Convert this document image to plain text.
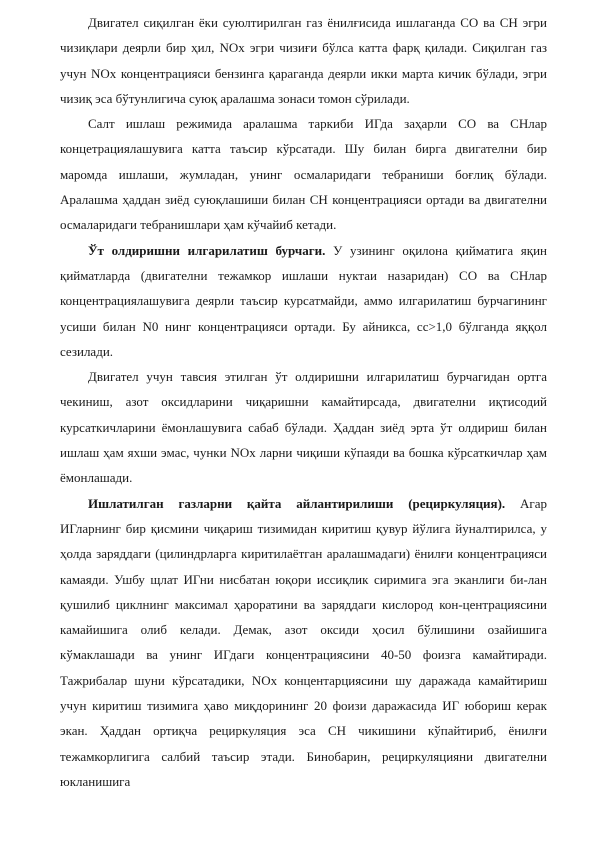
Двигател сиқилган ёки суюлтирилган газ ёнилғисида ишлаганда СО ва СН эгри чизиқлари деярли бир ҳил, NOx эгри чизиғи бўлса катта фарқ қилади. Сиқилган газ учун NOx концентрацияси бензинга қараганда деярли икки марта кичик бўлади, эгри чизиқ эса бўтунлигича суюқ аралашма зонаси томон сўрилади.

Салт ишлаш режимида аралашма таркиби ИГда заҳарли СО ва СНлар концетрациялашувига катта таъсир кўрсатади. Шу билан бирга двигателни бир маромда ишлаши, жумладан, унинг осмаларидаги тебраниши боғлиқ бўлади. Аралашма ҳаддан зиёд суюқлашиши билан СН концентрацияси ортади ва двигателни осмаларидаги тебранишлари ҳам кўчайиб кетади.

Ўт олдиришни илгарилатиш бурчаги. У узининг оқилона қийматига яқин қийматларда (двигателни тежамкор ишлаши нуктаи назаридан) СО ва СНлар концентрациялашувига деярли таъсир курсатмайди, аммо илгарилатиш бурчагининг усиши билан N0 нинг концентрацияси ортади. Бу айникса, сс>1,0 бўлганда яққол сезилади.

Двигател учун тавсия этилган ўт олдиришни илгарилатиш бурчагидан ортга чекиниш, азот оксидларини чиқаришни камайтирсада, двигателни иқтисодий курсаткичларини ёмонлашувига сабаб бўлади. Ҳаддан зиёд эрта ўт олдириш билан ишлаш ҳам яхши эмас, чунки NOx ларни чиқиши кўпаяди ва бошка кўрсаткичлар ҳам ёмонлашади.

Ишлатилган газларни қайта айлантирилиши (рециркуляция). Агар ИГларнинг бир қисмини чиқариш тизимидан киритиш қувур йўлига йуналтирилса, у ҳолда заряддаги (цилиндрларга киритилаётган аралашмадаги) ёнилғи концентрацияси камаяди. Ушбу щлат ИГни нисбатан юқори иссиқлик сиримига эга эканлиги би-лан қушилиб циклнинг максимал ҳароратини ва заряддаги кислород кон-центрациясини камайишига олиб келади. Демак, азот оксиди ҳосил бўлишини озайишига кўмаклашади ва унинг ИГдаги концентрациясини 40-50 фоизга камайтиради. Тажрибалар шуни кўрсатадики, NOx концентарциясини шу даражада камайтириш учун киритиш тизимига ҳаво миқдорининг 20 фоизи даражасида ИГ юбориш керак экан. Ҳаддан ортиқча рециркуляция эса СН чикишини кўпайтириб, ёнилғи тежамкорлигига салбий таъсир этади. Бинобарин, рециркуляцияни двигателни юкланишига
